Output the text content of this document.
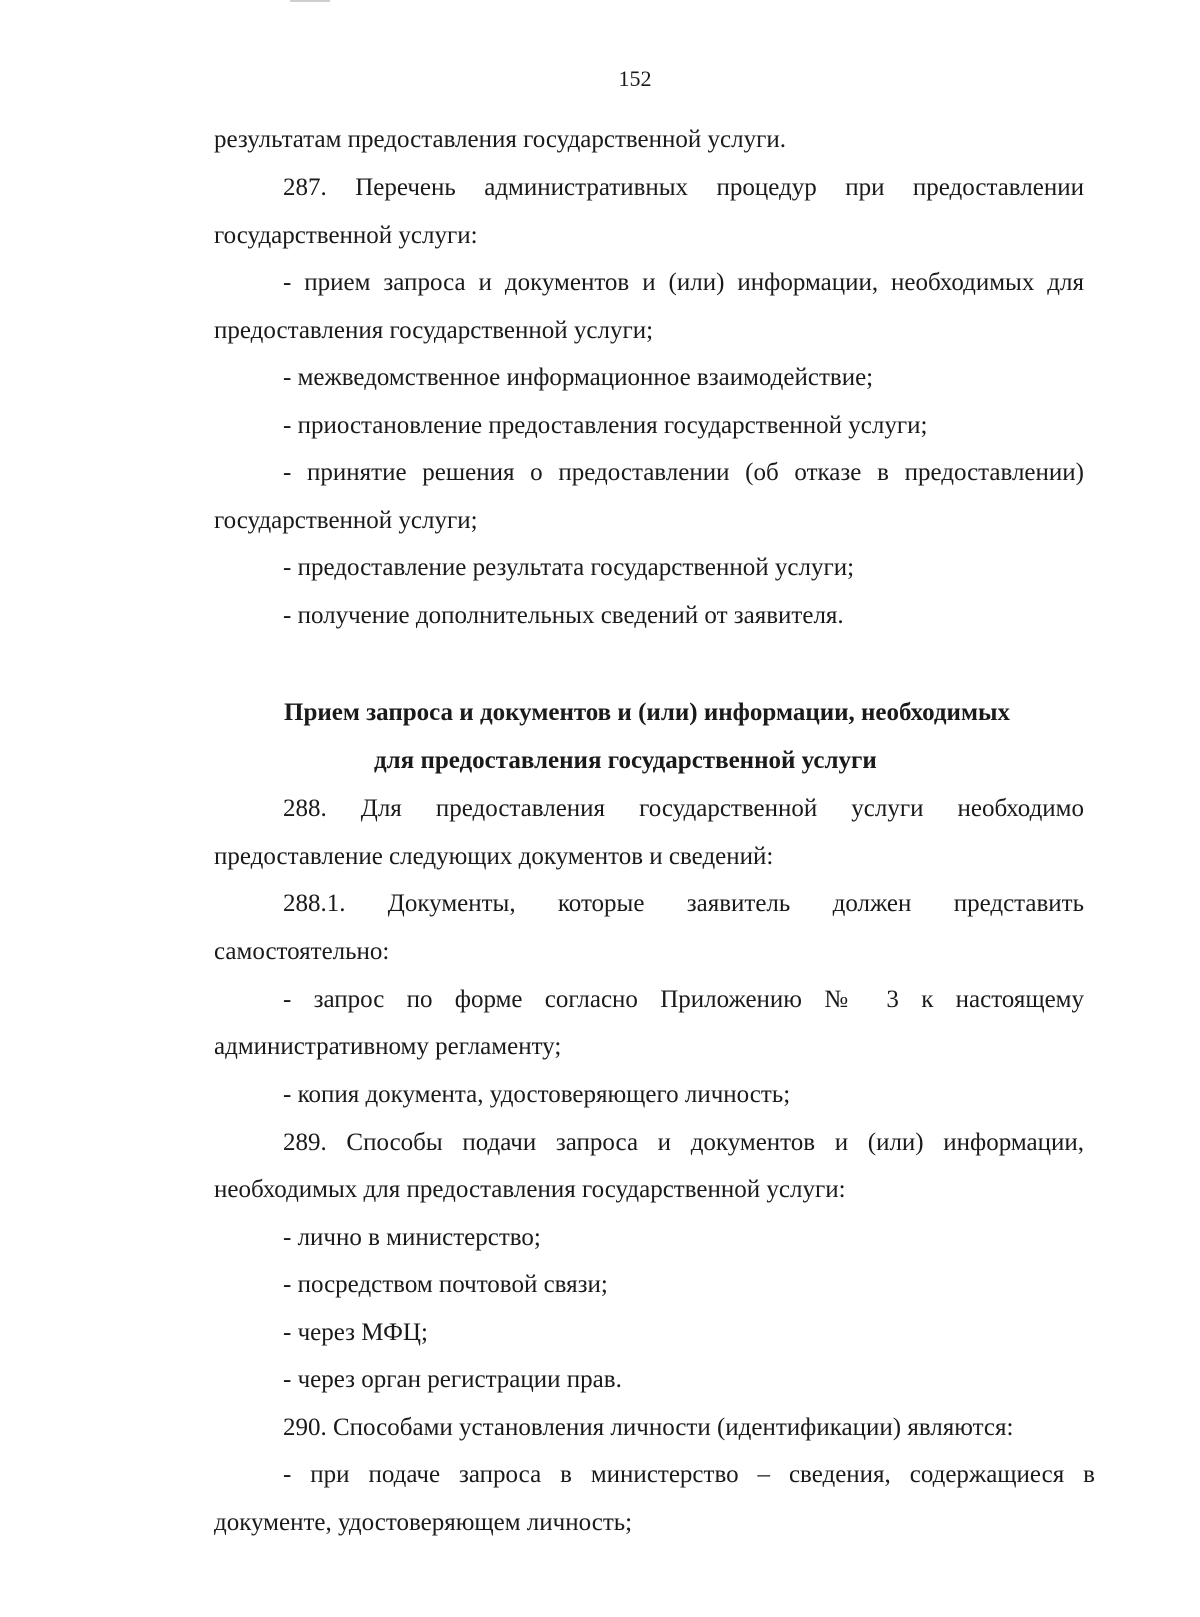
152
результатам предоставления государственной услуги.
287. Перечень административных процедур при предоставлении
государственной услуги:
- прием запроса и документов и (или) информации, необходимых для
предоставления государственной услуги;
- межведомственное информационное взаимодействие;
- приостановление предоставления государственной услуги;
- принятие решения о предоставлении (об отказе в предоставлении)
государственной услуги;
- предоставление результата государственной услуги;
- получение дополнительных сведений от заявителя.
Прием запроса и документов и (или) информации, необходимых
для предоставления государственной услуги
288. Для предоставления государственной услуги необходимо
предоставление следующих документов и сведений:
288.1. Документы, которые заявитель должен представить
самостоятельно:
- запрос по форме согласно Приложению № 3 к настоящему
административному регламенту;
- копия документа, удостоверяющего личность;
289. Способы подачи запроса и документов и (или) информации,
необходимых для предоставления государственной услуги:
- лично в министерство;
- посредством почтовой связи;
- через МФЦ;
- через орган регистрации прав.
290. Способами установления личности (идентификации) являются:
- при подаче запроса в министерство – сведения, содержащиеся в
документе, удостоверяющем личность;
